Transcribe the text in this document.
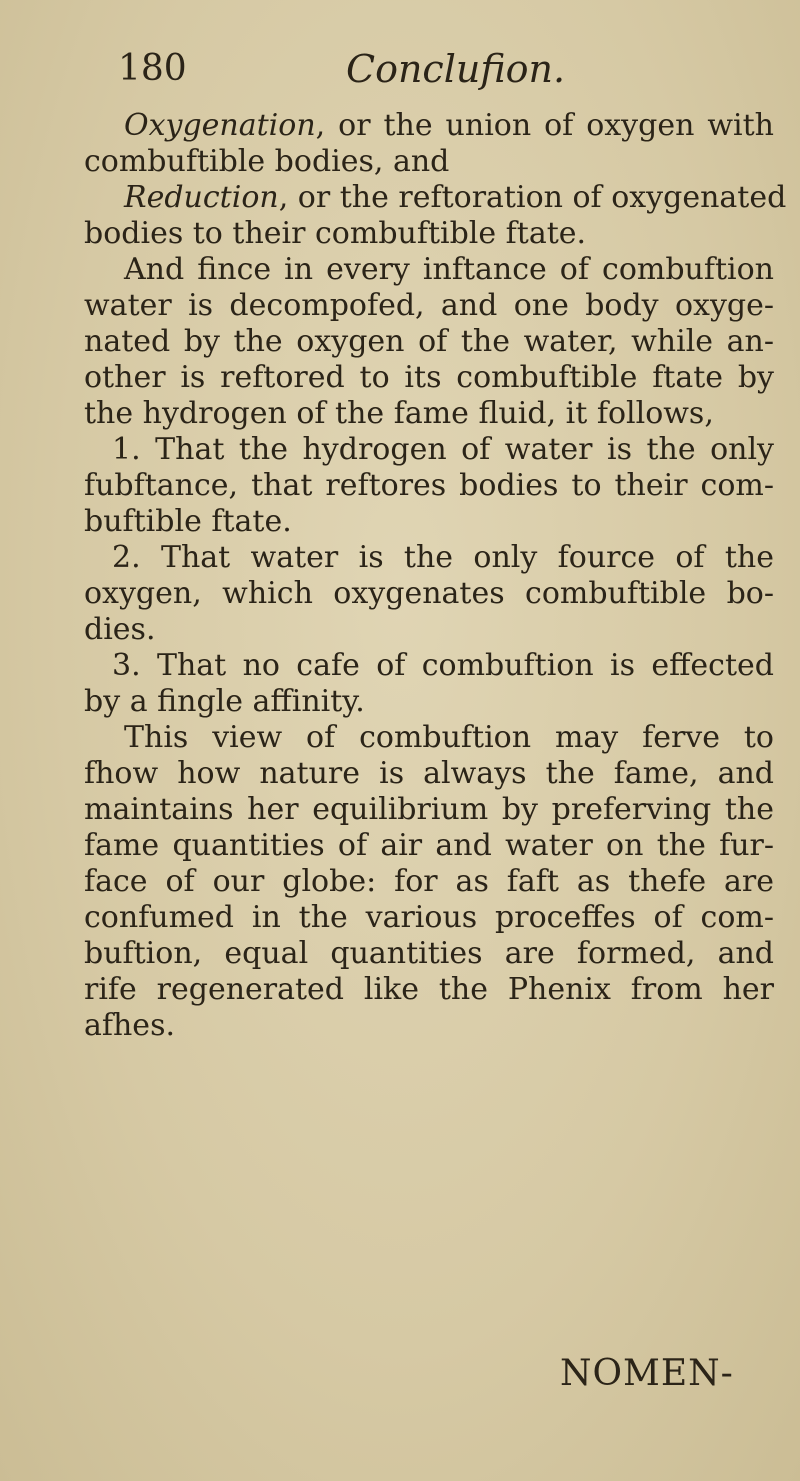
180	Conclufion.
Oxygenation, or the union of oxygen with
combuftible bodies, and
Reduction, or the reftoration of oxygenated
bodies to their combuftible ftate.
And fince in every inftance of combuftion
water is decompofed, and one body oxyge-
nated by the oxygen of the water, while an-
other is reftored to its combuftible ftate by
the hydrogen of the fame fluid, it follows,
1. That the hydrogen of water is the only
fubftance, that reftores bodies to their com-
buftible ftate.
2. That water is the only fource of the
oxygen, which oxygenates combuftible bo-
dies.
3. That no cafe of combuftion is effected
by a fingle affinity.
This view of combuftion may ferve to
fhow how nature is always the fame, and
maintains her equilibrium by preferving the
fame quantities of air and water on the fur-
face of our globe: for as faft as thefe are
confumed in the various proceffes of com-
buftion, equal quantities are formed, and
rife regenerated like the Phenix from her
afhes.
NOMEN-
